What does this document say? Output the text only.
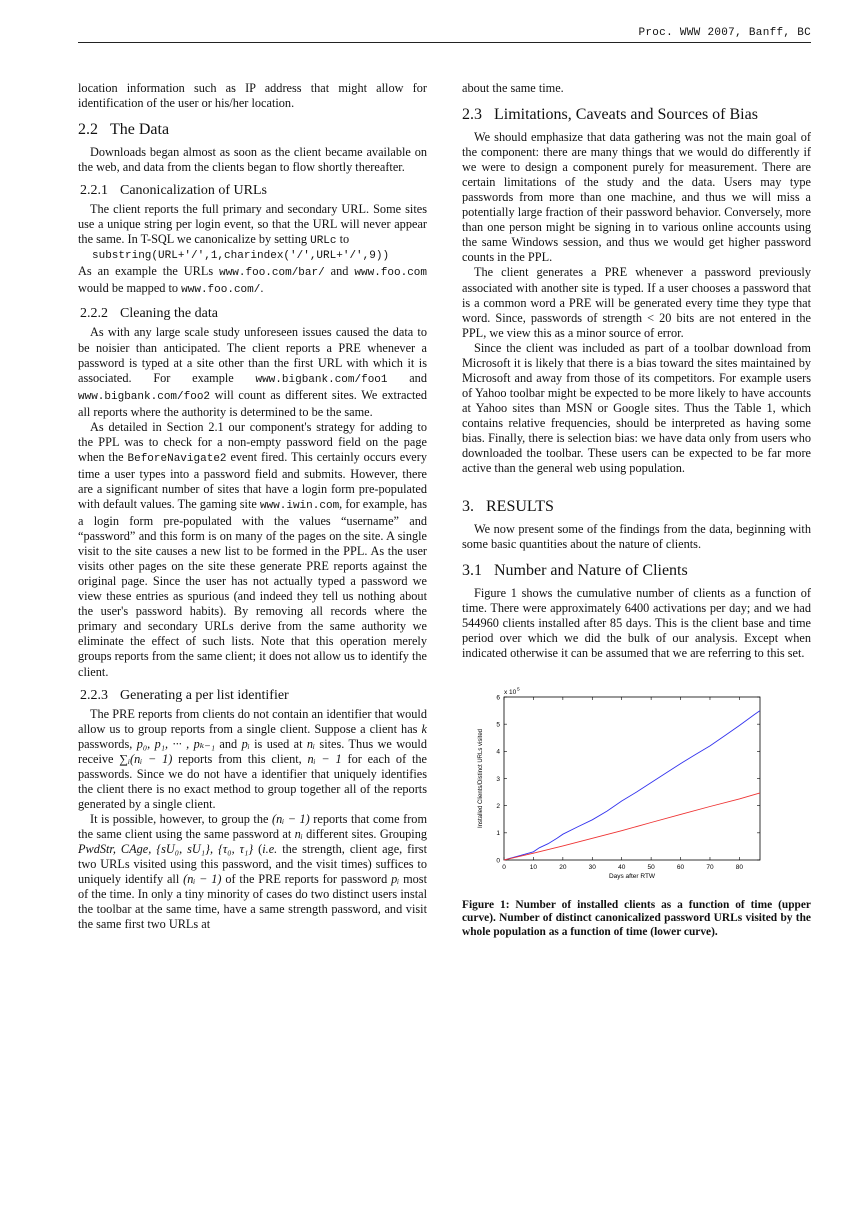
Proc. WWW 2007, Banff, BC

location information such as IP address that might allow for identification of the user or his/her location.

2.2 The Data

Downloads began almost as soon as the client became available on the web, and data from the clients began to flow shortly thereafter.

2.2.1 Canonicalization of URLs

The client reports the full primary and secondary URL. Some sites use a unique string per login event, so that the URL will never appear the same. In T-SQL we canonicalize by setting URLc to

substring(URL+'/',1,charindex('/',URL+'/',9))

As an example the URLs www.foo.com/bar/ and www.foo.com would be mapped to www.foo.com/.

2.2.2 Cleaning the data

As with any large scale study unforeseen issues caused the data to be noisier than anticipated. The client reports a PRE whenever a password is typed at a site other than the first URL with which it is associated. For example www.bigbank.com/foo1 and www.bigbank.com/foo2 will count as different sites. We extracted all reports where the authority is determined to be the same.

As detailed in Section 2.1 our component's strategy for adding to the PPL was to check for a non-empty password field on the page when the BeforeNavigate2 event fired. This certainly occurs every time a user types into a password field and submits. However, there are a significant number of sites that have a login form pre-populated with default values. The gaming site www.iwin.com, for example, has a login form pre-populated with the values “username” and “password” and this form is on many of the pages on the site. A single visit to the site causes a new list to be formed in the PPL. As the user visits other pages on the site these generate PRE reports against the original page. Since the user has not actually typed a password we view these entries as spurious (and indeed they tell us nothing about the user's password habits). By removing all records where the primary and secondary URLs derive from the same authority we eliminate the effect of such lists. Note that this operation merely groups reports from the same client; it does not allow us to identify the client.

2.2.3 Generating a per list identifier

The PRE reports from clients do not contain an identifier that would allow us to group reports from a single client. Suppose a client has k passwords, p₀, p₁, ··· , pₖ₋₁ and pᵢ is used at nᵢ sites. Thus we would receive ∑ᵢ(nᵢ − 1) reports from this client, nᵢ − 1 for each of the passwords. Since we do not have a identifier that uniquely identifies the client there is no exact method to group together all of the reports generated by a single client.

It is possible, however, to group the (nᵢ − 1) reports that come from the same client using the same password at nᵢ different sites. Grouping PwdStr, CAge, {sU₀, sU₁}, {τ₀, τ₁} (i.e. the strength, client age, first two URLs visited using this password, and the visit times) suffices to uniquely identify all (nᵢ − 1) of the PRE reports for password pᵢ most of the time. In only a tiny minority of cases do two distinct users instal the toolbar at the same time, have a same strength password, and visit the same first two URLs at

about the same time.

2.3 Limitations, Caveats and Sources of Bias

We should emphasize that data gathering was not the main goal of the component: there are many things that we would do differently if we were to design a component purely for measurement. There are certain limitations of the study and the data. Users may type passwords from more than one machine, and thus we will miss a potentially large fraction of their password behavior. Conversely, more than one person might be signing in to various online accounts using the same Windows session, and thus we would get higher password counts in the PPL.

The client generates a PRE whenever a password previously associated with another site is typed. If a user chooses a password that is a common word a PRE will be generated every time they type that word. Since, passwords of strength < 20 bits are not entered in the PPL, we view this as a minor source of error.

Since the client was included as part of a toolbar download from Microsoft it is likely that there is a bias toward the sites maintained by Microsoft and away from those of its competitors. For example users of Yahoo toolbar might be expected to be more likely to have accounts at Yahoo sites than MSN or Google sites. Thus the Table 1, which contains relative frequencies, should be interpreted as having some bias. Finally, there is selection bias: we have data only from users who downloaded the toolbar. These users can be expected to be far more active than the general web using population.

3. RESULTS

We now present some of the findings from the data, beginning with some basic quantities about the nature of clients.

3.1 Number and Nature of Clients

Figure 1 shows the cumulative number of clients as a function of time. There were approximately 6400 activations per day; and we had 544960 clients installed after 85 days. This is the client base and time period over which we did the bulk of our analysis. Except when indicated otherwise it can be assumed that we are referring to this set.

0	10	20	30	40	50	60	70	80
0
1
2
3
4
5
6
x 10 5
Days after RTW
Installed Clients/Distinct URLs visited
Figure 1: Number of installed clients as a function of time (upper curve). Number of distinct canonicalized password URLs visited by the whole population as a function of time (lower curve).
